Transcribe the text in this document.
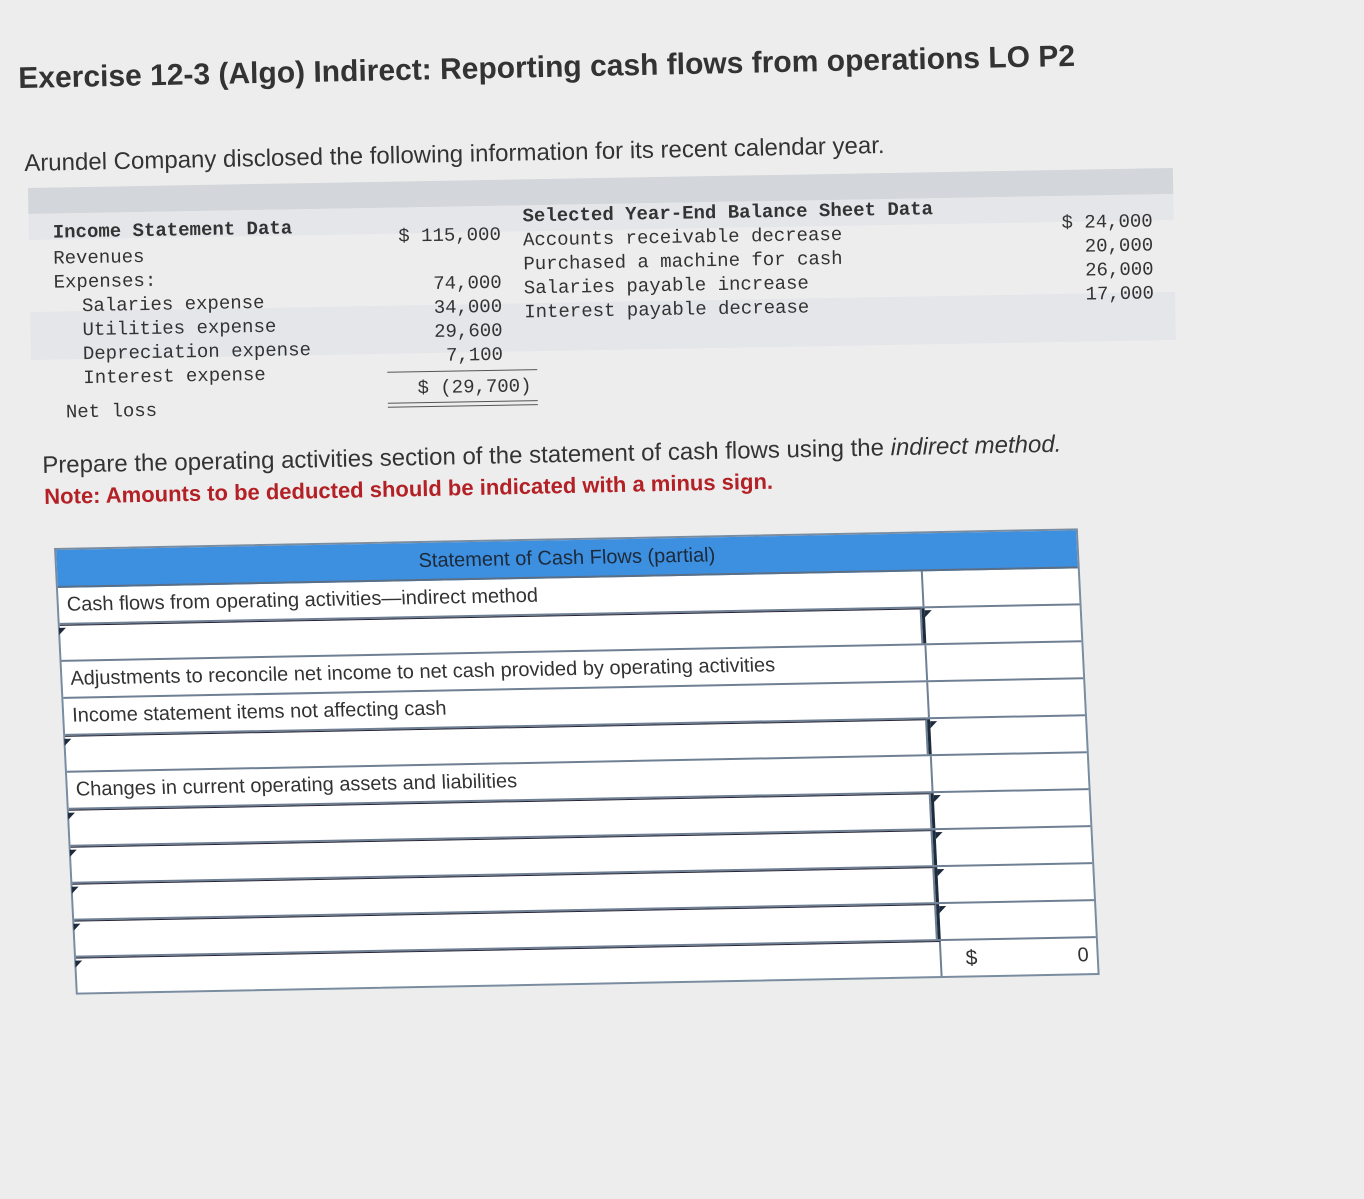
Exercise 12-3 (Algo) Indirect: Reporting cash flows from operations LO P2
Arundel Company disclosed the following information for its recent calendar year.
Income Statement Data
Revenues
$ 115,000
Expenses:
Salaries expense
74,000
Utilities expense
34,000
Depreciation expense
29,600
Interest expense
7,100
Net loss
$ (29,700)
Selected Year-End Balance Sheet Data
Accounts receivable decrease
$ 24,000
Purchased a machine for cash
20,000
Salaries payable increase
26,000
Interest payable decrease
17,000
Prepare the operating activities section of the statement of cash flows using the indirect method.
Note: Amounts to be deducted should be indicated with a minus sign.
Statement of Cash Flows (partial)
Cash flows from operating activities—indirect method
Adjustments to reconcile net income to net cash provided by operating activities
Income statement items not affecting cash
Changes in current operating assets and liabilities
$	0
